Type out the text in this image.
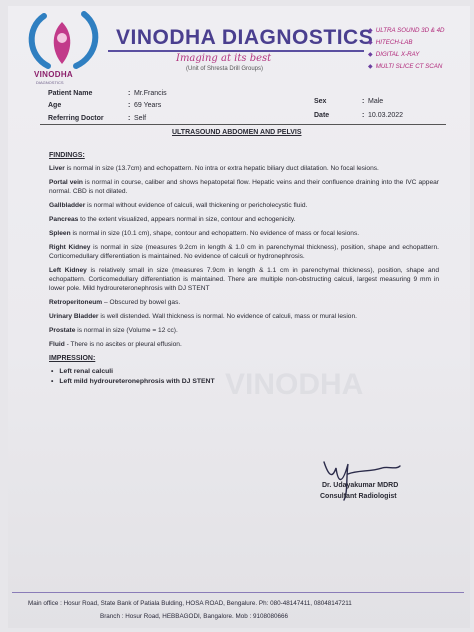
VINODHA
DIAGNOSTICS
VINODHA DIAGNOSTICS
Imaging at its best
(Unit of Shresta Drill Groups)
◆ ULTRA SOUND 3D & 4D
◆ HITECH-LAB
◆ DIGITAL X-RAY
◆ MULTI SLICE CT SCAN
Patient Name	: Mr.Francis
Age	: 69 Years
Referring Doctor	: Self
Sex	: Male
Date	: 10.03.2022
ULTRASOUND ABDOMEN AND PELVIS
VINODHA
FINDINGS:
Liver is normal in size (13.7cm) and echopattern. No intra or extra hepatic biliary duct dilatation. No focal lesions.
Portal vein is normal in course, caliber and shows hepatopetal flow. Hepatic veins and their confluence draining into the IVC appear normal. CBD is not dilated.
Gallbladder is normal without evidence of calculi, wall thickening or pericholecystic fluid.
Pancreas to the extent visualized, appears normal in size, contour and echogenicity.
Spleen is normal in size (10.1 cm), shape, contour and echopattern. No evidence of mass or focal lesions.
Right Kidney is normal in size (measures 9.2cm in length & 1.0 cm in parenchymal thickness), position, shape and echopattern. Corticomedullary differentiation is maintained. No evidence of calculi or hydronephrosis.
Left Kidney is relatively small in size (measures 7.9cm in length & 1.1 cm in parenchymal thickness), position, shape and echopattern. Corticomedullary differentiation is maintained. There are multiple non-obstructing calculi, largest measuring 9 mm in lower pole. Mild hydroureteronephrosis with DJ STENT
Retroperitoneum – Obscured by bowel gas.
Urinary Bladder is well distended. Wall thickness is normal. No evidence of calculi, mass or mural lesion.
Prostate is normal in size (Volume = 12 cc).
Fluid - There is no ascites or pleural effusion.
IMPRESSION:
• Left renal calculi
• Left mild hydroureteronephrosis with DJ STENT
Dr. Udayakumar MDRD
Consultant Radiologist
Main office : Hosur Road, State Bank of Patiala Bulding, HOSA ROAD, Bengalure. Ph: 080-48147411, 08048147211
Branch : Hosur Road, HEBBAGODI, Bangalore. Mob : 9108080666
